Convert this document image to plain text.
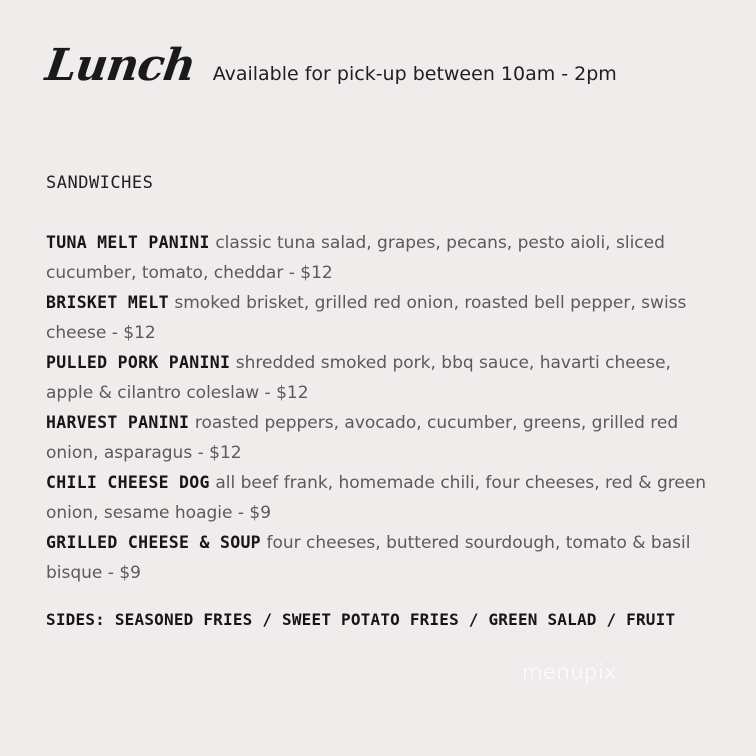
Lunch Available for pick-up between 10am - 2pm
SANDWICHES
TUNA MELT PANINI classic tuna salad, grapes, pecans, pesto aioli, sliced cucumber, tomato, cheddar - $12
BRISKET MELT smoked brisket, grilled red onion, roasted bell pepper, swiss cheese - $12
PULLED PORK PANINI shredded smoked pork, bbq sauce, havarti cheese, apple & cilantro coleslaw - $12
HARVEST PANINI roasted peppers, avocado, cucumber, greens, grilled red onion, asparagus - $12
CHILI CHEESE DOG all beef frank, homemade chili, four cheeses, red & green onion, sesame hoagie - $9
GRILLED CHEESE & SOUP four cheeses, buttered sourdough, tomato & basil bisque - $9
SIDES: SEASONED FRIES / SWEET POTATO FRIES / GREEN SALAD / FRUIT
menupix
